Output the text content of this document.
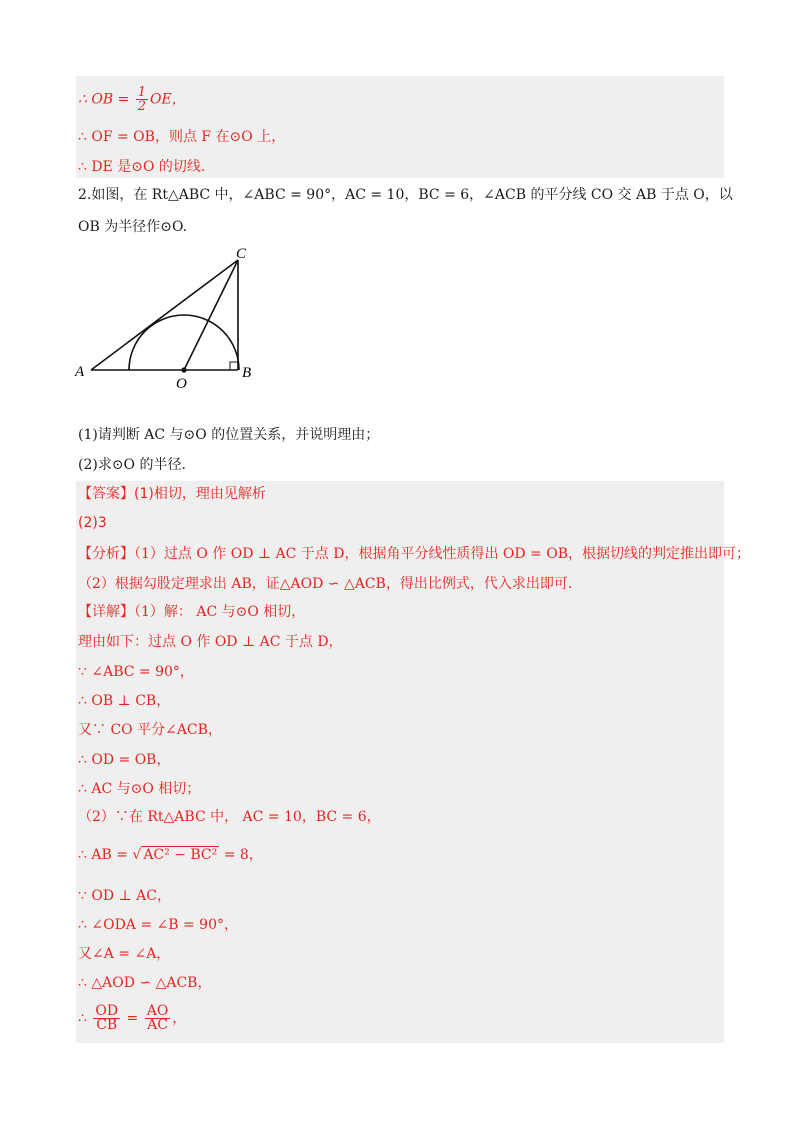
∴ OB = $\frac{1}{2}$ OE，
∴ OF = OB，则点 F 在⊙O 上，
∴ DE 是⊙O 的切线.
2.如图，在 Rt△ABC 中，∠ABC = 90°，AC = 10，BC = 6，∠ACB 的平分线 CO 交 AB 于点 O，以
OB 为半径作⊙O.
A	B
C
O
(1)请判断 AC 与⊙O 的位置关系，并说明理由；
(2)求⊙O 的半径.
【答案】(1)相切，理由见解析
(2)3
【分析】（1）过点 O 作 OD ⊥ AC 于点 D，根据角平分线性质得出 OD = OB，根据切线的判定推出即可；
（2）根据勾股定理求出 AB，证△AOD ∽ △ACB，得出比例式，代入求出即可.
【详解】（1）解： AC 与⊙O 相切，
理由如下：过点 O 作 OD ⊥ AC 于点 D，
∵ ∠ABC = 90°，
∴ OB ⊥ CB，
又∵ CO 平分∠ACB，
∴ OD = OB，
∴ AC 与⊙O 相切；
（2）∵在 Rt△ABC 中， AC = 10，BC = 6，
∴ AB = √ AC² − BC² = 8，
∵ OD ⊥ AC，
∴ ∠ODA = ∠B = 90°，
又∠A = ∠A，
∴ △AOD ∽ △ACB，
∴ $\frac{OD}{CB} = \frac{AO}{AC}$ ，
